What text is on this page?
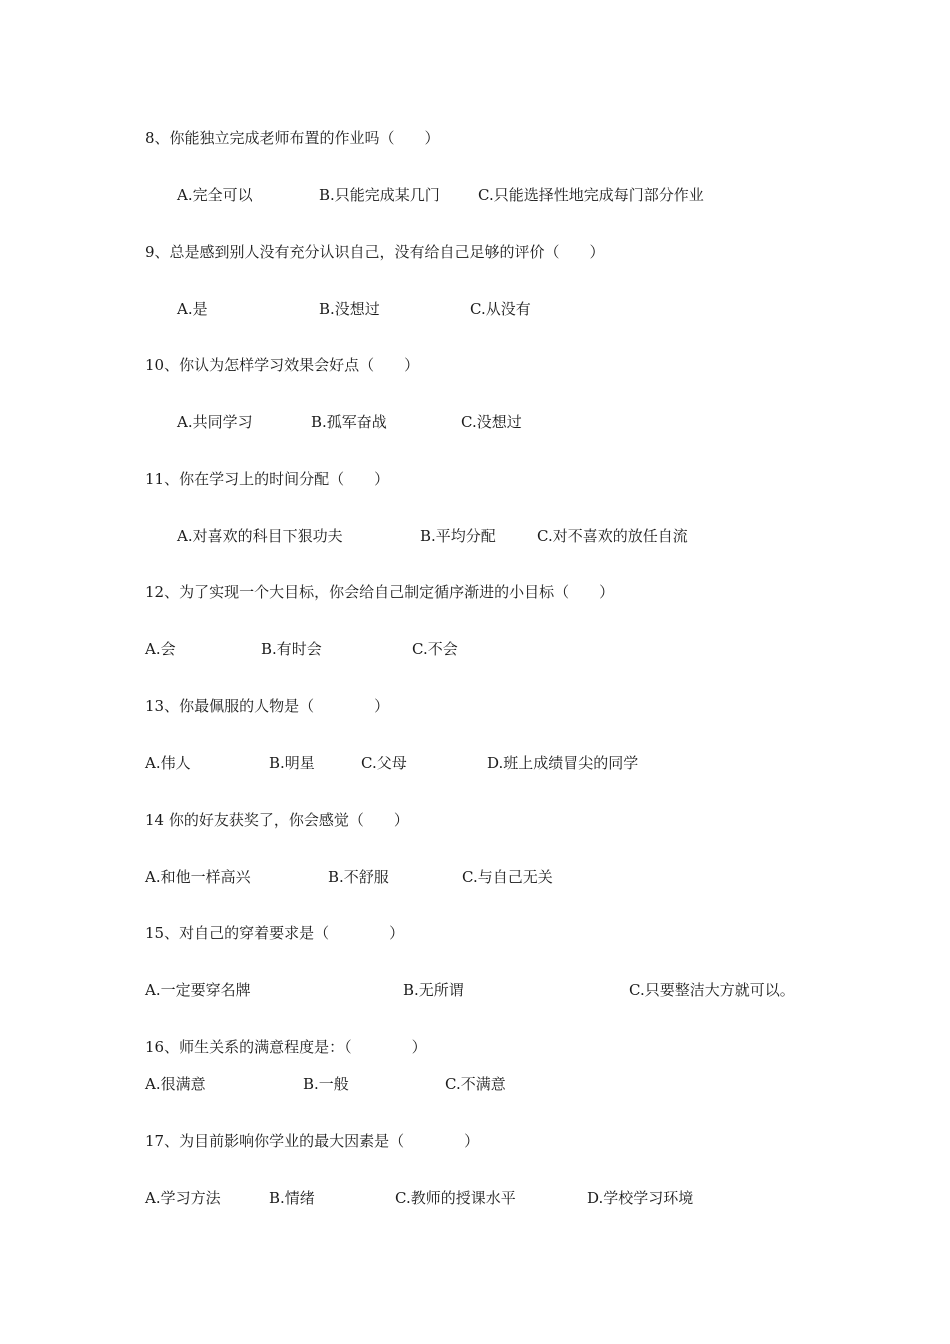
8、你能独立完成老师布置的作业吗（　　）
A.完全可以	B.只能完成某几门	C.只能选择性地完成每门部分作业
9、总是感到别人没有充分认识自己，没有给自己足够的评价（　　）
A.是	B.没想过	C.从没有
10、你认为怎样学习效果会好点（　　）
A.共同学习	B.孤军奋战	C.没想过
11、你在学习上的时间分配（　　）
A.对喜欢的科目下狠功夫	B.平均分配	C.对不喜欢的放任自流
12、为了实现一个大目标，你会给自己制定循序渐进的小目标（　　）
A.会	B.有时会	C.不会
13、你最佩服的人物是（　　　　）
A.伟人	B.明星	C.父母	D.班上成绩冒尖的同学
14 你的好友获奖了，你会感觉（　　）
A.和他一样高兴	B.不舒服	C.与自己无关
15、对自己的穿着要求是（　　　　）
A.一定要穿名牌	B.无所谓	C.只要整洁大方就可以。
16、师生关系的满意程度是：（　　　　）
A.很满意	B.一般	C.不满意
17、为目前影响你学业的最大因素是（　　　　）
A.学习方法	B.情绪	C.教师的授课水平	D.学校学习环境
